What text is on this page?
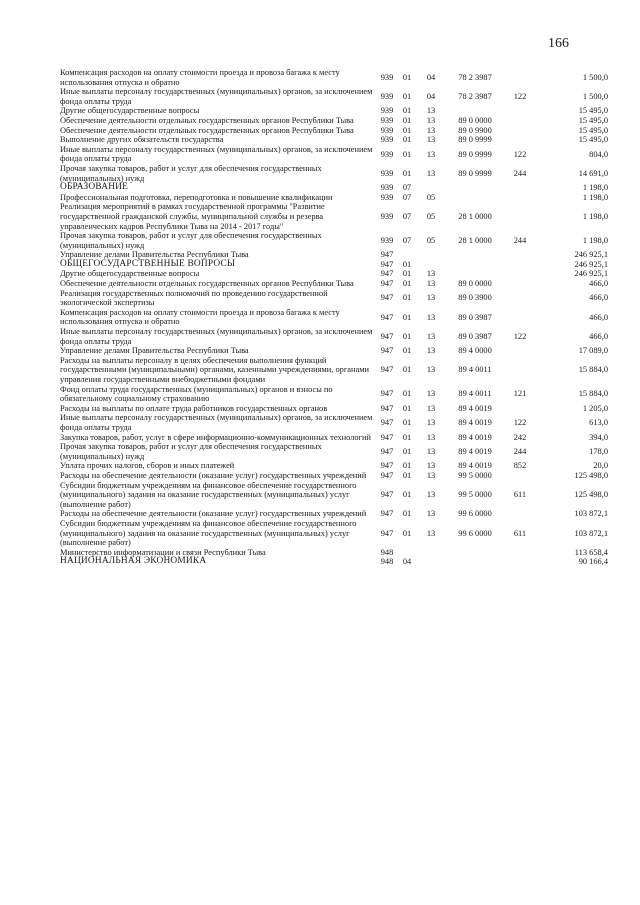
166
Компенсация расходов на оплату стоимости проезда и провоза багажа к месту использования отпуска и обратно	939	01	04	78 2 3987		1 500,0
Иные выплаты персоналу государственных (муниципальных) органов, за исключением фонда оплаты труда	939	01	04	78 2 3987	122	1 500,0
Другие общегосударственные вопросы	939	01	13			15 495,0
Обеспечение деятельности отдельных государственных органов Республики Тыва	939	01	13	89 0 0000		15 495,0
Обеспечение деятельности отдельных государственных органов Республики Тыва	939	01	13	89 0 9900		15 495,0
Выполнение других обязательств государства	939	01	13	89 0 9999		15 495,0
Иные выплаты персоналу государственных (муниципальных) органов, за исключением фонда оплаты труда	939	01	13	89 0 9999	122	804,0
Прочая закупка товаров, работ и услуг для обеспечения государственных (муниципальных) нужд	939	01	13	89 0 9999	244	14 691,0
ОБРАЗОВАНИЕ	939	07				1 198,0
Профессиональная подготовка, переподготовка и повышение квалификации	939	07	05			1 198,0
Реализация мероприятий в рамках государственной программы "Развитие государственной гражданской службы, муниципальной службы и резерва управленческих кадров Республики Тыва на 2014 - 2017 годы"	939	07	05	28 1 0000		1 198,0
Прочая закупка товаров, работ и услуг для обеспечения государственных (муниципальных) нужд	939	07	05	28 1 0000	244	1 198,0
Управление делами Правительства Республики Тыва	947					246 925,1
ОБЩЕГОСУДАРСТВЕННЫЕ ВОПРОСЫ	947	01				246 925,1
Другие общегосударственные вопросы	947	01	13			246 925,1
Обеспечение деятельности отдельных государственных органов Республики Тыва	947	01	13	89 0 0000		466,0
Реализация государственных полномочий по проведению государственной экологической экспертизы	947	01	13	89 0 3900		466,0
Компенсация расходов на оплату стоимости проезда и провоза багажа к месту использования отпуска и обратно	947	01	13	89 0 3987		466,0
Иные выплаты персоналу государственных (муниципальных) органов, за исключением фонда оплаты труда	947	01	13	89 0 3987	122	466,0
Управление делами Правительства Республики Тыва	947	01	13	89 4 0000		17 089,0
Расходы на выплаты персоналу в целях обеспечения выполнения функций государственными (муниципальными) органами, казенными учреждениями, органами управления государственными внебюджетными фондами	947	01	13	89 4 0011		15 884,0
Фонд оплаты труда государственных (муниципальных) органов и взносы по обязательному социальному страхованию	947	01	13	89 4 0011	121	15 884,0
Расходы на выплаты по оплате труда работников государственных органов	947	01	13	89 4 0019		1 205,0
Иные выплаты персоналу государственных (муниципальных) органов, за исключением фонда оплаты труда	947	01	13	89 4 0019	122	613,0
Закупка товаров, работ, услуг в сфере информационно-коммуникационных технологий	947	01	13	89 4 0019	242	394,0
Прочая закупка товаров, работ и услуг для обеспечения государственных (муниципальных) нужд	947	01	13	89 4 0019	244	178,0
Уплата прочих налогов, сборов и иных платежей	947	01	13	89 4 0019	852	20,0
Расходы на обеспечение деятельности (оказание услуг) государственных учреждений	947	01	13	99 5 0000		125 498,0
Субсидии бюджетным учреждениям на финансовое обеспечение государственного (муниципального) задания на оказание государственных (муниципальных) услуг (выполнение работ)	947	01	13	99 5 0000	611	125 498,0
Расходы на обеспечение деятельности (оказание услуг) государственных учреждений	947	01	13	99 6 0000		103 872,1
Субсидии бюджетным учреждениям на финансовое обеспечение государственного (муниципального) задания на оказание государственных (муниципальных) услуг (выполнение работ)	947	01	13	99 6 0000	611	103 872,1
Министерство информатизации и связи Республики Тыва	948					113 658,4
НАЦИОНАЛЬНАЯ ЭКОНОМИКА	948	04				90 166,4
